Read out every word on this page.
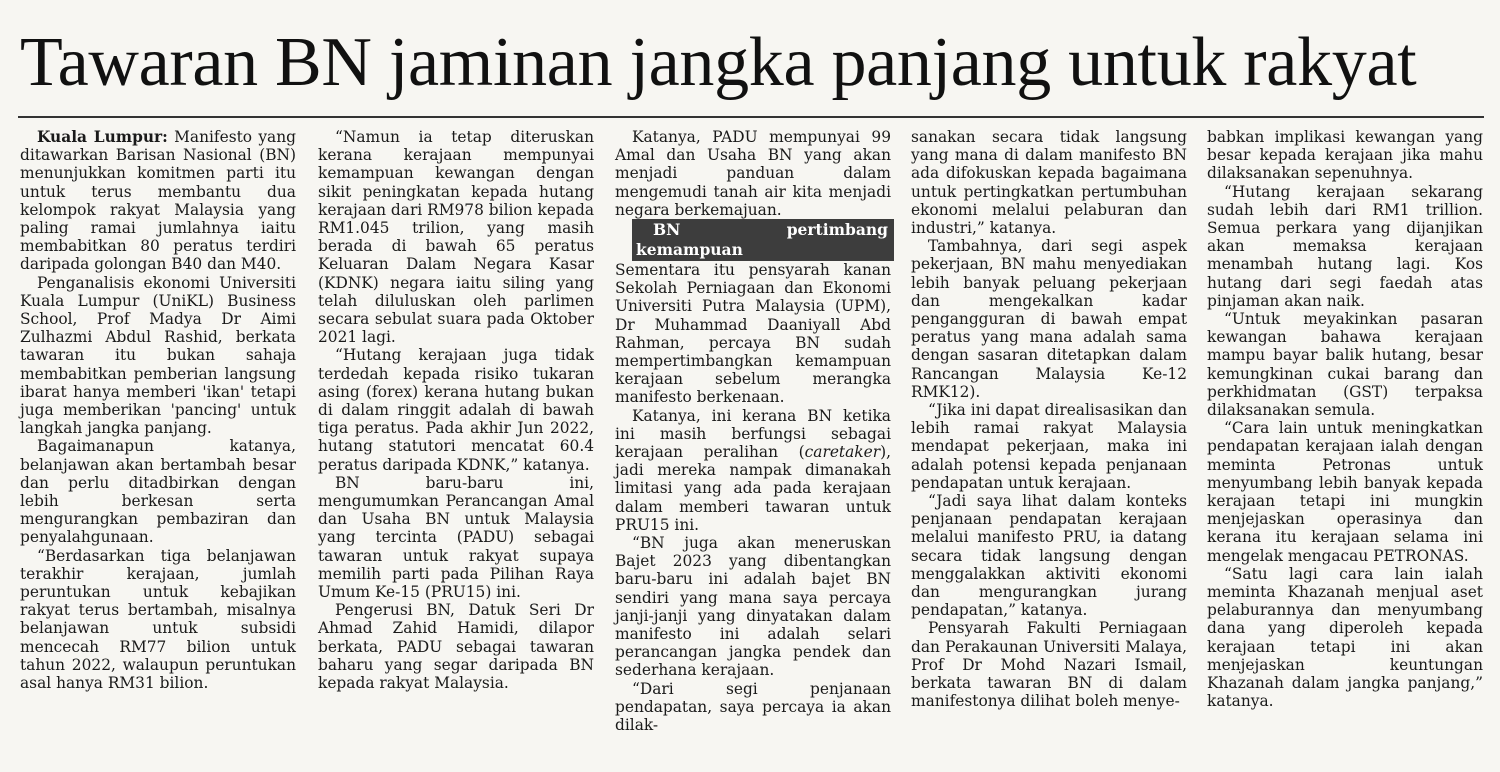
Tawaran BN jaminan jangka panjang untuk rakyat

Kuala Lumpur: Manifesto yang ditawarkan Barisan Nasional (BN) menunjukkan komitmen parti itu untuk terus membantu dua kelompok rakyat Malaysia yang paling ramai jumlahnya iaitu membabitkan 80 peratus terdiri daripada golongan B40 dan M40.

Penganalisis ekonomi Universiti Kuala Lumpur (UniKL) Business School, Prof Madya Dr Aimi Zulhazmi Abdul Rashid, berkata tawaran itu bukan sahaja membabitkan pemberian langsung ibarat hanya memberi 'ikan' tetapi juga memberikan 'pancing' untuk langkah jangka panjang.

Bagaimanapun katanya, belanjawan akan bertambah besar dan perlu ditadbirkan dengan lebih berkesan serta mengurangkan pembaziran dan penyalahgunaan.

“Berdasarkan tiga belanjawan terakhir kerajaan, jumlah peruntukan untuk kebajikan rakyat terus bertambah, misalnya belanjawan untuk subsidi mencecah RM77 bilion untuk tahun 2022, walaupun peruntukan asal hanya RM31 bilion.

“Namun ia tetap diteruskan kerana kerajaan mempunyai kemampuan kewangan dengan sikit peningkatan kepada hutang kerajaan dari RM978 bilion kepada RM1.045 trilion, yang masih berada di bawah 65 peratus Keluaran Dalam Negara Kasar (KDNK) negara iaitu siling yang telah diluluskan oleh parlimen secara sebulat suara pada Oktober 2021 lagi.

“Hutang kerajaan juga tidak terdedah kepada risiko tukaran asing (forex) kerana hutang bukan di dalam ringgit adalah di bawah tiga peratus. Pada akhir Jun 2022, hutang statutori mencatat 60.4 peratus daripada KDNK,” katanya.

BN baru-baru ini, mengumumkan Perancangan Amal dan Usaha BN untuk Malaysia yang tercinta (PADU) sebagai tawaran untuk rakyat supaya memilih parti pada Pilihan Raya Umum Ke-15 (PRU15) ini.

Pengerusi BN, Datuk Seri Dr Ahmad Zahid Hamidi, dilapor berkata, PADU sebagai tawaran baharu yang segar daripada BN kepada rakyat Malaysia.

Katanya, PADU mempunyai 99 Amal dan Usaha BN yang akan menjadi panduan dalam mengemudi tanah air kita menjadi negara berkemajuan.

BN pertimbang kemampuan

Sementara itu pensyarah kanan Sekolah Perniagaan dan Ekonomi Universiti Putra Malaysia (UPM), Dr Muhammad Daaniyall Abd Rahman, percaya BN sudah mempertimbangkan kemampuan kerajaan sebelum merangka manifesto berkenaan.

Katanya, ini kerana BN ketika ini masih berfungsi sebagai kerajaan peralihan (caretaker), jadi mereka nampak dimanakah limitasi yang ada pada kerajaan dalam memberi tawaran untuk PRU15 ini.

“BN juga akan meneruskan Bajet 2023 yang dibentangkan baru-baru ini adalah bajet BN sendiri yang mana saya percaya janji-janji yang dinyatakan dalam manifesto ini adalah selari perancangan jangka pendek dan sederhana kerajaan.

“Dari segi penjanaan pendapatan, saya percaya ia akan dilak-

sanakan secara tidak langsung yang mana di dalam manifesto BN ada difokuskan kepada bagaimana untuk pertingkatkan pertumbuhan ekonomi melalui pelaburan dan industri,” katanya.

Tambahnya, dari segi aspek pekerjaan, BN mahu menyediakan lebih banyak peluang pekerjaan dan mengekalkan kadar pengangguran di bawah empat peratus yang mana adalah sama dengan sasaran ditetapkan dalam Rancangan Malaysia Ke-12 RMK12).

“Jika ini dapat direalisasikan dan lebih ramai rakyat Malaysia mendapat pekerjaan, maka ini adalah potensi kepada penjanaan pendapatan untuk kerajaan.

“Jadi saya lihat dalam konteks penjanaan pendapatan kerajaan melalui manifesto PRU, ia datang secara tidak langsung dengan menggalakkan aktiviti ekonomi dan mengurangkan jurang pendapatan,” katanya.

Pensyarah Fakulti Perniagaan dan Perakaunan Universiti Malaya, Prof Dr Mohd Nazari Ismail, berkata tawaran BN di dalam manifestonya dilihat boleh menye-

babkan implikasi kewangan yang besar kepada kerajaan jika mahu dilaksanakan sepenuhnya.

“Hutang kerajaan sekarang sudah lebih dari RM1 trillion. Semua perkara yang dijanjikan akan memaksa kerajaan menambah hutang lagi. Kos hutang dari segi faedah atas pinjaman akan naik.

“Untuk meyakinkan pasaran kewangan bahawa kerajaan mampu bayar balik hutang, besar kemungkinan cukai barang dan perkhidmatan (GST) terpaksa dilaksanakan semula.

“Cara lain untuk meningkatkan pendapatan kerajaan ialah dengan meminta Petronas untuk menyumbang lebih banyak kepada kerajaan tetapi ini mungkin menjejaskan operasinya dan kerana itu kerajaan selama ini mengelak mengacau PETRONAS.

“Satu lagi cara lain ialah meminta Khazanah menjual aset pelaburannya dan menyumbang dana yang diperoleh kepada kerajaan tetapi ini akan menjejaskan keuntungan Khazanah dalam jangka panjang,” katanya.
